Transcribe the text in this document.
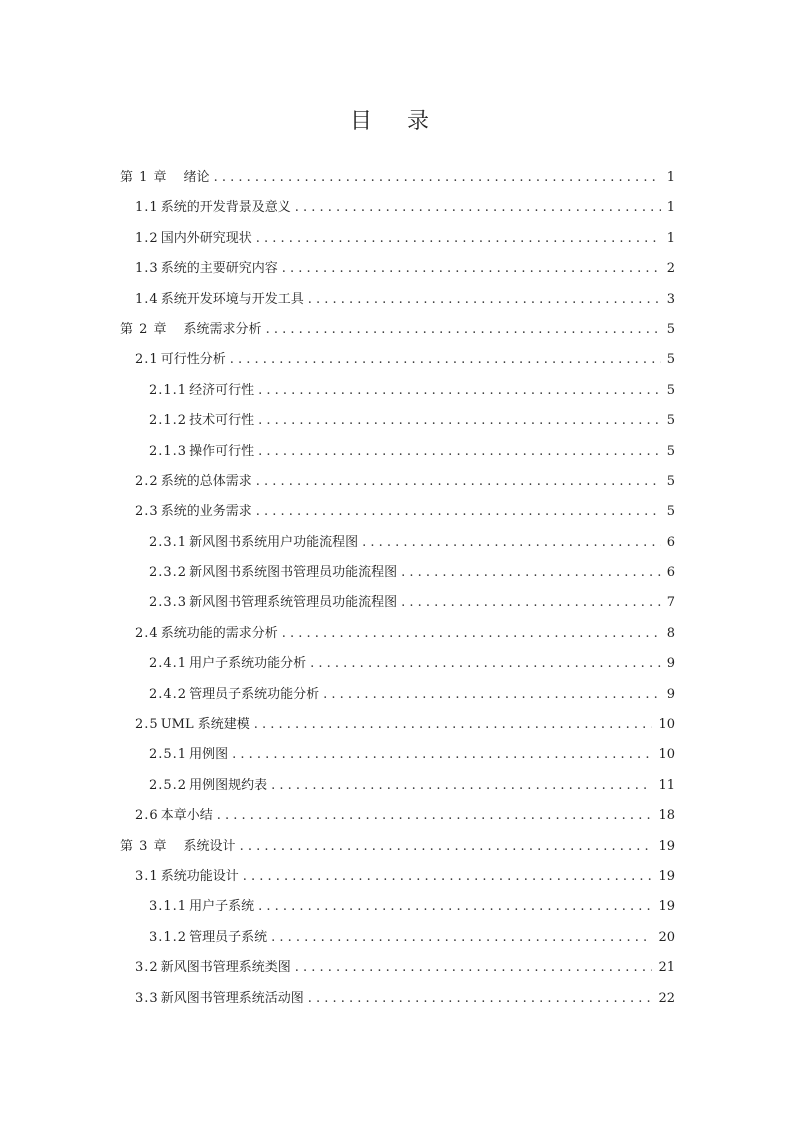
目 录
第 1 章 绪论 . . .	1
1.1 系统的开发背景及意义 . . .	1
1.2 国内外研究现状 . . .	1
1.3 系统的主要研究内容 . . .	2
1.4 系统开发环境与开发工具 . . .	3
第 2 章 系统需求分析 . . .	5
2.1 可行性分析 . . .	5
2.1.1 经济可行性 . . .	5
2.1.2 技术可行性 . . .	5
2.1.3 操作可行性 . . .	5
2.2 系统的总体需求 . . .	5
2.3 系统的业务需求 . . .	5
2.3.1 新风图书系统用户功能流程图 . . .	6
2.3.2 新风图书系统图书管理员功能流程图 . . .	6
2.3.3 新风图书管理系统管理员功能流程图 . . .	7
2.4 系统功能的需求分析 . . .	8
2.4.1 用户子系统功能分析 . . .	9
2.4.2 管理员子系统功能分析 . . .	9
2.5 UML 系统建模 . . .	10
2.5.1 用例图 . . .	10
2.5.2 用例图规约表 . . .	11
2.6 本章小结 . . .	18
第 3 章 系统设计 . . .	19
3.1 系统功能设计 . . .	19
3.1.1 用户子系统 . . .	19
3.1.2 管理员子系统 . . .	20
3.2 新风图书管理系统类图 . . .	21
3.3 新风图书管理系统活动图 . . .	22
